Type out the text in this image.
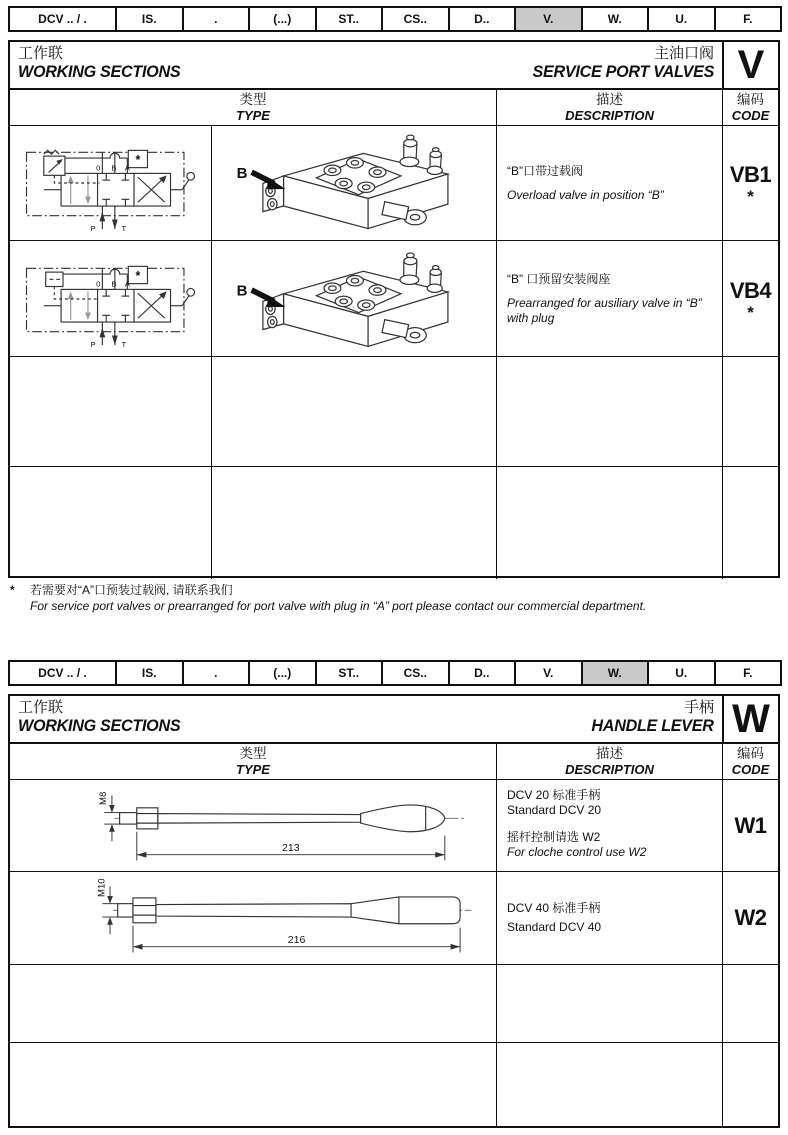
DCV .. / .	IS.	.	(...)	ST..	CS..	D..	V.	W.	U.	F.
工作联
WORKING SECTIONS
主油口阀
SERVICE PORT VALVES V
类型
TYPE
描述
DESCRIPTION
编码
CODE
*
0 B A
P	T
B	“B”口带过载阀
Overload valve in position “B”
VB1
*
*
0 B A
P	T
B
“B” 口预留安装阀座
Prearranged for ausiliary valve in “B” with plug
VB4
*
* 若需要对“A”口预装过载阀, 请联系我们
For service port valves or prearranged for port valve with plug in “A” port please contact our commercial department.
DCV .. / .	IS.	.	(...)	ST..	CS..	D..	V.	W.	U.	F.
工作联
WORKING SECTIONS
手柄
HANDLE LEVER W
类型
TYPE
描述
DESCRIPTION
编码
CODE
M8
213
DCV 20 标准手柄
Standard DCV 20
摇杆控制请选 W2
For cloche control use W2
W1
M10
216
DCV 40 标准手柄
Standard DCV 40	W2
